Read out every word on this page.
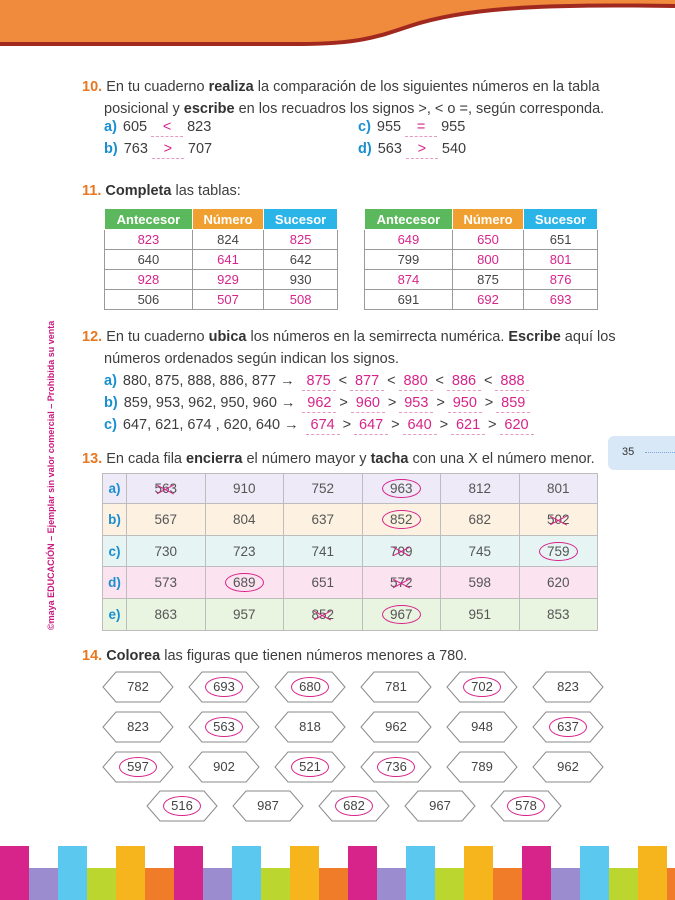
©maya EDUCACIÓN – Ejemplar sin valor comercial – Prohibida su venta	35
10. En tu cuaderno realiza la comparación de los siguientes números en la tabla
posicional y escribe en los recuadros los signos >, < o =, según corresponda.
a) 605 < 823
b) 763 > 707
c) 955 = 955
d) 563 > 540
11. Completa las tablas:
Antecesor	Número	Sucesor
823	824	825
640	641	642
928	929	930
506	507	508
Antecesor	Número	Sucesor
649	650	651
799	800	801
874	875	876
691	692	693
12. En tu cuaderno ubica los números en la semirrecta numérica. Escribe aquí los
números ordenados según indican los signos.
a) 880, 875, 888, 886, 877 → 875 < 877 < 880 < 886 < 888
b) 859, 953, 962, 950, 960 → 962 > 960 > 953 > 950 > 859
c) 647, 621, 674 , 620, 640 → 674 > 647 > 640 > 621 > 620
13. En cada fila encierra el número mayor y tacha con una X el número menor.
a)	563	910	752	963	812	801
b)	567	804	637	852	682	502
c)	730	723	741	709	745	759
d)	573	689	651	572	598	620
e)	863	957	852	967	951	853
14. Colorea las figuras que tienen números menores a 780.
782	693	680	781	702	823
823	563	818	962	948	637
597	902	521	736	789	962
516	987	682	967	578
